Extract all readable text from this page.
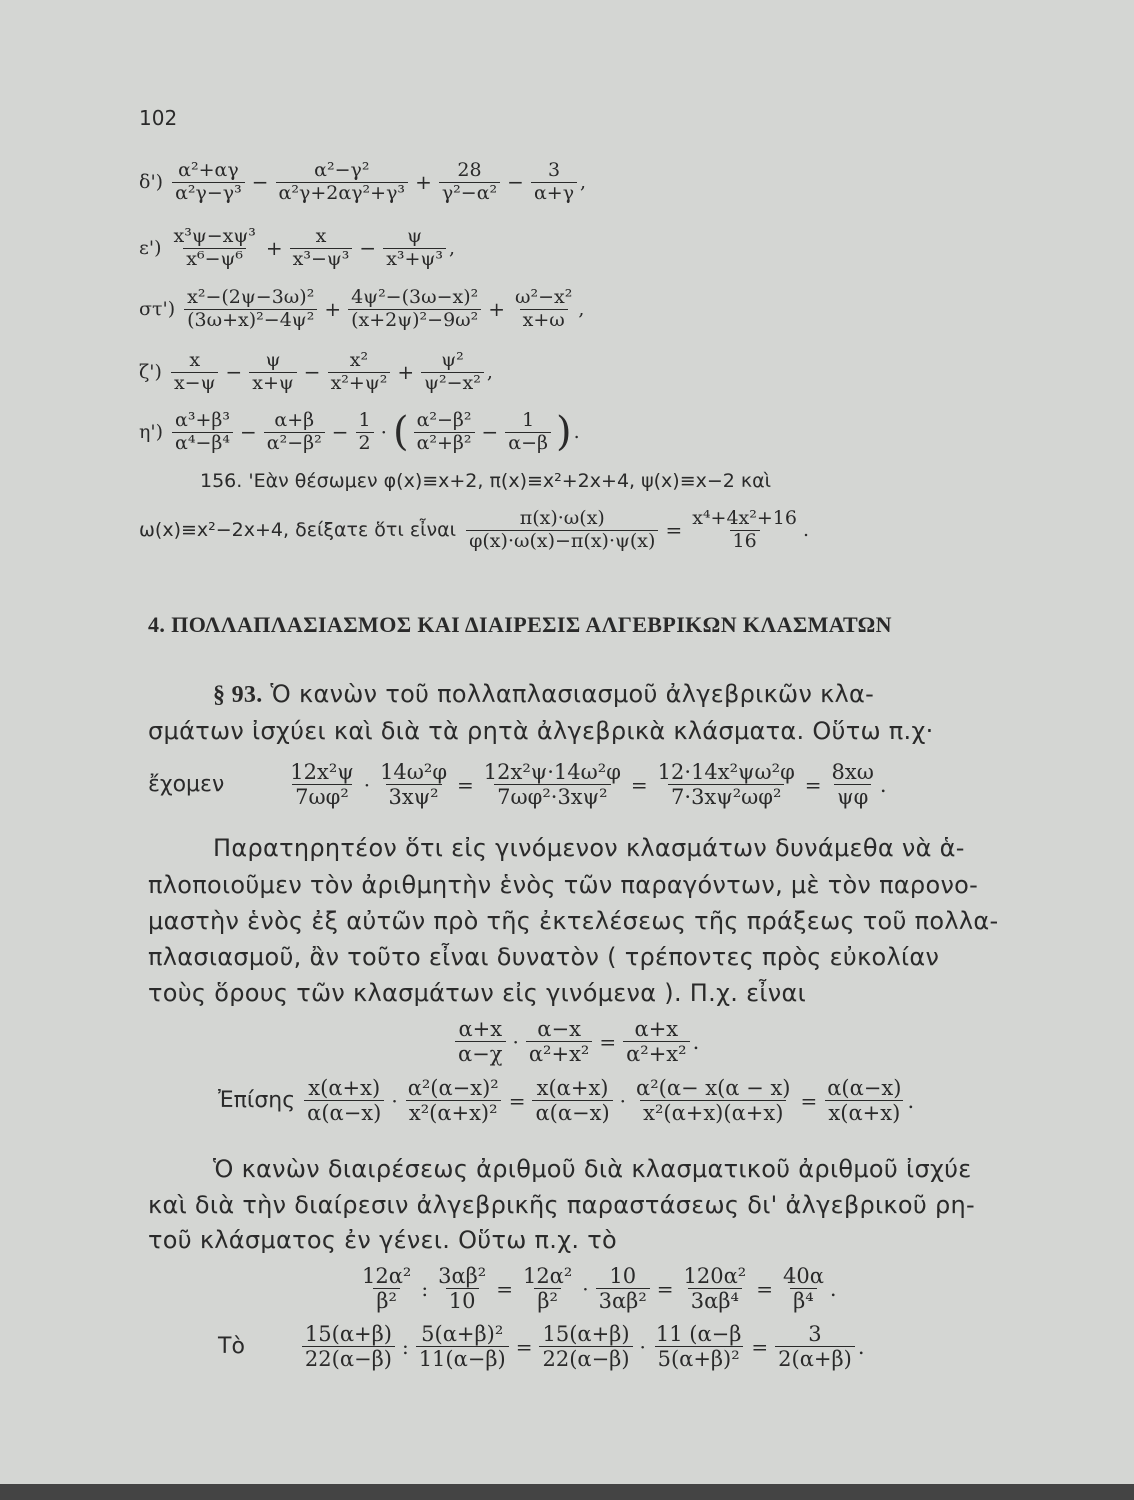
102
$\delta') \frac{\text{α²+αγ}}{\text{α²γ−γ³}} - \frac{\text{α²−γ²}}{\text{α²γ+2αγ²+γ³}} + \frac{28}{\text{γ²−α²}} - \frac{3}{\alpha+\gamma}$ ,
$\varepsilon') \frac{\text{x³ψ−xψ³}}{\text{x⁶−ψ⁶}} + \frac{x}{\text{x³−ψ³}} - \frac{\psi}{\text{x³+ψ³}}$ ,
$\sigma\tau') \frac{\text{x²−(2ψ−3ω)²}}{\text{(3ω+x)²−4ψ²}} + \frac{\text{4ψ²−(3ω−x)²}}{\text{(x+2ψ)²−9ω²}} + \frac{\text{ω²−x²}}{x+\omega}$ ,
$\zeta') \frac{x}{x-\psi} - \frac{\psi}{x+\psi} - \frac{\text{x²}}{\text{x²+ψ²}} + \frac{\text{ψ²}}{\text{ψ²−x²}}$ ,
$\eta') \frac{\text{α³+β³}}{\text{α⁴−β⁴}} - \frac{\alpha+\beta}{\text{α²−β²}} - \frac{1}{2}$ · ( $\frac{\text{α²−β²}}{\text{α²+β²}} - \frac{1}{\alpha-\beta}$ ) .
156. 'Εὰν θέσωμεν φ(x)≡x+2, π(x)≡x²+2x+4, ψ(x)≡x−2 καὶ
ω(x)≡x²−2x+4, δείξατε ὅτι εἶναι $\frac{\pi(x)\cdot\omega(x)}{\varphi(x)\cdot\omega(x)-\pi(x)\cdot\psi(x)} = \frac{\text{x⁴+4x²+16}}{16}$ .
4. ΠΟΛΛΑΠΛΑΣΙΑΣΜΟΣ ΚΑΙ ΔΙΑΙΡΕΣΙΣ ΑΛΓΕΒΡΙΚΩΝ ΚΛΑΣΜΑΤΩΝ
§ 93. Ὁ κανὼν τοῦ πολλαπλασιασμοῦ ἀλγεβρικῶν κλα-
σμάτων ἰσχύει καὶ διὰ τὰ ρητὰ ἀλγεβρικὰ κλάσματα. Οὕτω π.χ·
ἔχομεν	$\frac{\text{12x²ψ}}{\text{7ωφ²}} \cdot \frac{\text{14ω²φ}}{\text{3xψ²}} = \frac{\text{12x²ψ·14ω²φ}}{\text{7ωφ²·3xψ²}} = \frac{\text{12·14x²ψω²φ}}{\text{7·3xψ²ωφ²}} = \frac{8x\omega}{\psi\varphi}$ .
Παρατηρητέον ὅτι εἰς γινόμενον κλασμάτων δυνάμεθα νὰ ἁ-
πλοποιοῦμεν τὸν ἀριθμητὴν ἑνὸς τῶν παραγόντων, μὲ τὸν παρονο-
μαστὴν ἑνὸς ἐξ αὐτῶν πρὸ τῆς ἐκτελέσεως τῆς πράξεως τοῦ πολλα-
πλασιασμοῦ, ἂν τοῦτο εἶναι δυνατὸν ( τρέποντες πρὸς εὐκολίαν
τοὺς ὅρους τῶν κλασμάτων εἰς γινόμενα ). Π.χ. εἶναι
$\frac{\alpha+x}{\alpha-\chi} \cdot \frac{\alpha-x}{\text{α²+x²}} = \frac{\alpha+x}{\text{α²+x²}}$ .
Ἐπίσης $\frac{x(\alpha+x)}{\alpha(\alpha-x)} \cdot \frac{\text{α²(α−x)²}}{\text{x²(α+x)²}} = \frac{x(\alpha+x)}{\alpha(\alpha-x)} \cdot \frac{\text{α²(α− x(α − x)}}{\text{x²(α+x)(α+x)}} = \frac{\alpha(\alpha-x)}{x(\alpha+x)}$ .
Ὁ κανὼν διαιρέσεως ἀριθμοῦ διὰ κλασματικοῦ ἀριθμοῦ ἰσχύε
καὶ διὰ τὴν διαίρεσιν ἀλγεβρικῆς παραστάσεως δι' ἀλγεβρικοῦ ρη-
τοῦ κλάσματος ἐν γένει. Οὕτω π.χ. τὸ
$\frac{\text{12α²}}{\text{β²}}$ : $\frac{\text{3αβ²}}{10} = \frac{\text{12α²}}{\text{β²}} \cdot \frac{10}{\text{3αβ²}} = \frac{\text{120α²}}{\text{3αβ⁴}} = \frac{40\alpha}{\text{β⁴}}$ .
Τὸ	$\frac{15(\alpha+\beta)}{22(\alpha-\beta)}$ : $\frac{\text{5(α+β)²}}{11(\alpha-\beta)} = \frac{15(\alpha+\beta)}{22(\alpha-\beta)} \cdot \frac{11 (\alpha-\beta}{\text{5(α+β)²}} = \frac{3}{2(\alpha+\beta)}$ .
